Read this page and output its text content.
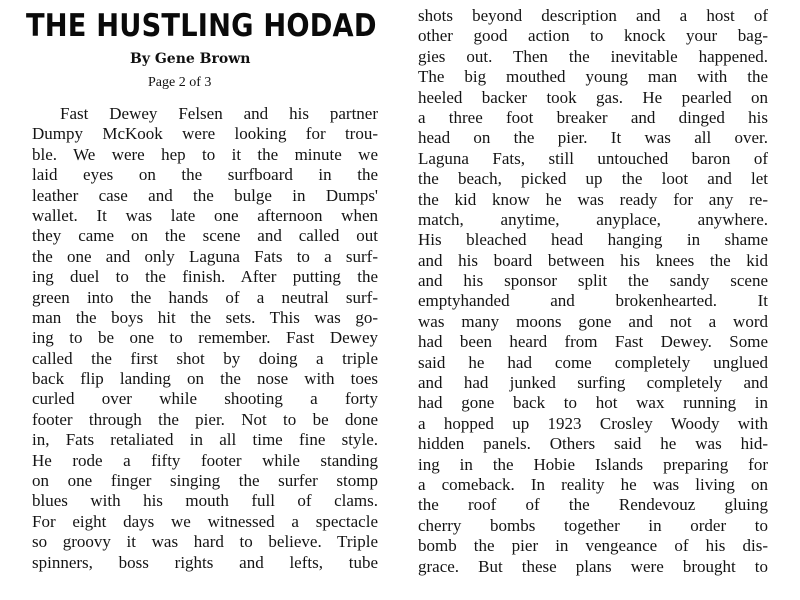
THE HUSTLING HODAD
By Gene Brown
Page 2 of 3
Fast Dewey Felsen and his partner
Dumpy McKook were looking for trou-
ble. We were hep to it the minute we
laid eyes on the surfboard in the
leather case and the bulge in Dumps'
wallet. It was late one afternoon when
they came on the scene and called out
the one and only Laguna Fats to a surf-
ing duel to the finish. After putting the
green into the hands of a neutral surf-
man the boys hit the sets. This was go-
ing to be one to remember. Fast Dewey
called the first shot by doing a triple
back flip landing on the nose with toes
curled over while shooting a forty
footer through the pier. Not to be done
in, Fats retaliated in all time fine style.
He rode a fifty footer while standing
on one finger singing the surfer stomp
blues with his mouth full of clams.
For eight days we witnessed a spectacle
so groovy it was hard to believe. Triple
spinners, boss rights and lefts, tube
shots beyond description and a host of
other good action to knock your bag-
gies out. Then the inevitable happened.
The big mouthed young man with the
heeled backer took gas. He pearled on
a three foot breaker and dinged his
head on the pier. It was all over.
Laguna Fats, still untouched baron of
the beach, picked up the loot and let
the kid know he was ready for any re-
match, anytime, anyplace, anywhere.
His bleached head hanging in shame
and his board between his knees the kid
and his sponsor split the sandy scene
emptyhanded and brokenhearted. It
was many moons gone and not a word
had been heard from Fast Dewey. Some
said he had come completely unglued
and had junked surfing completely and
had gone back to hot wax running in
a hopped up 1923 Crosley Woody with
hidden panels. Others said he was hid-
ing in the Hobie Islands preparing for
a comeback. In reality he was living on
the roof of the Rendevouz gluing
cherry bombs together in order to
bomb the pier in vengeance of his dis-
grace. But these plans were brought to
